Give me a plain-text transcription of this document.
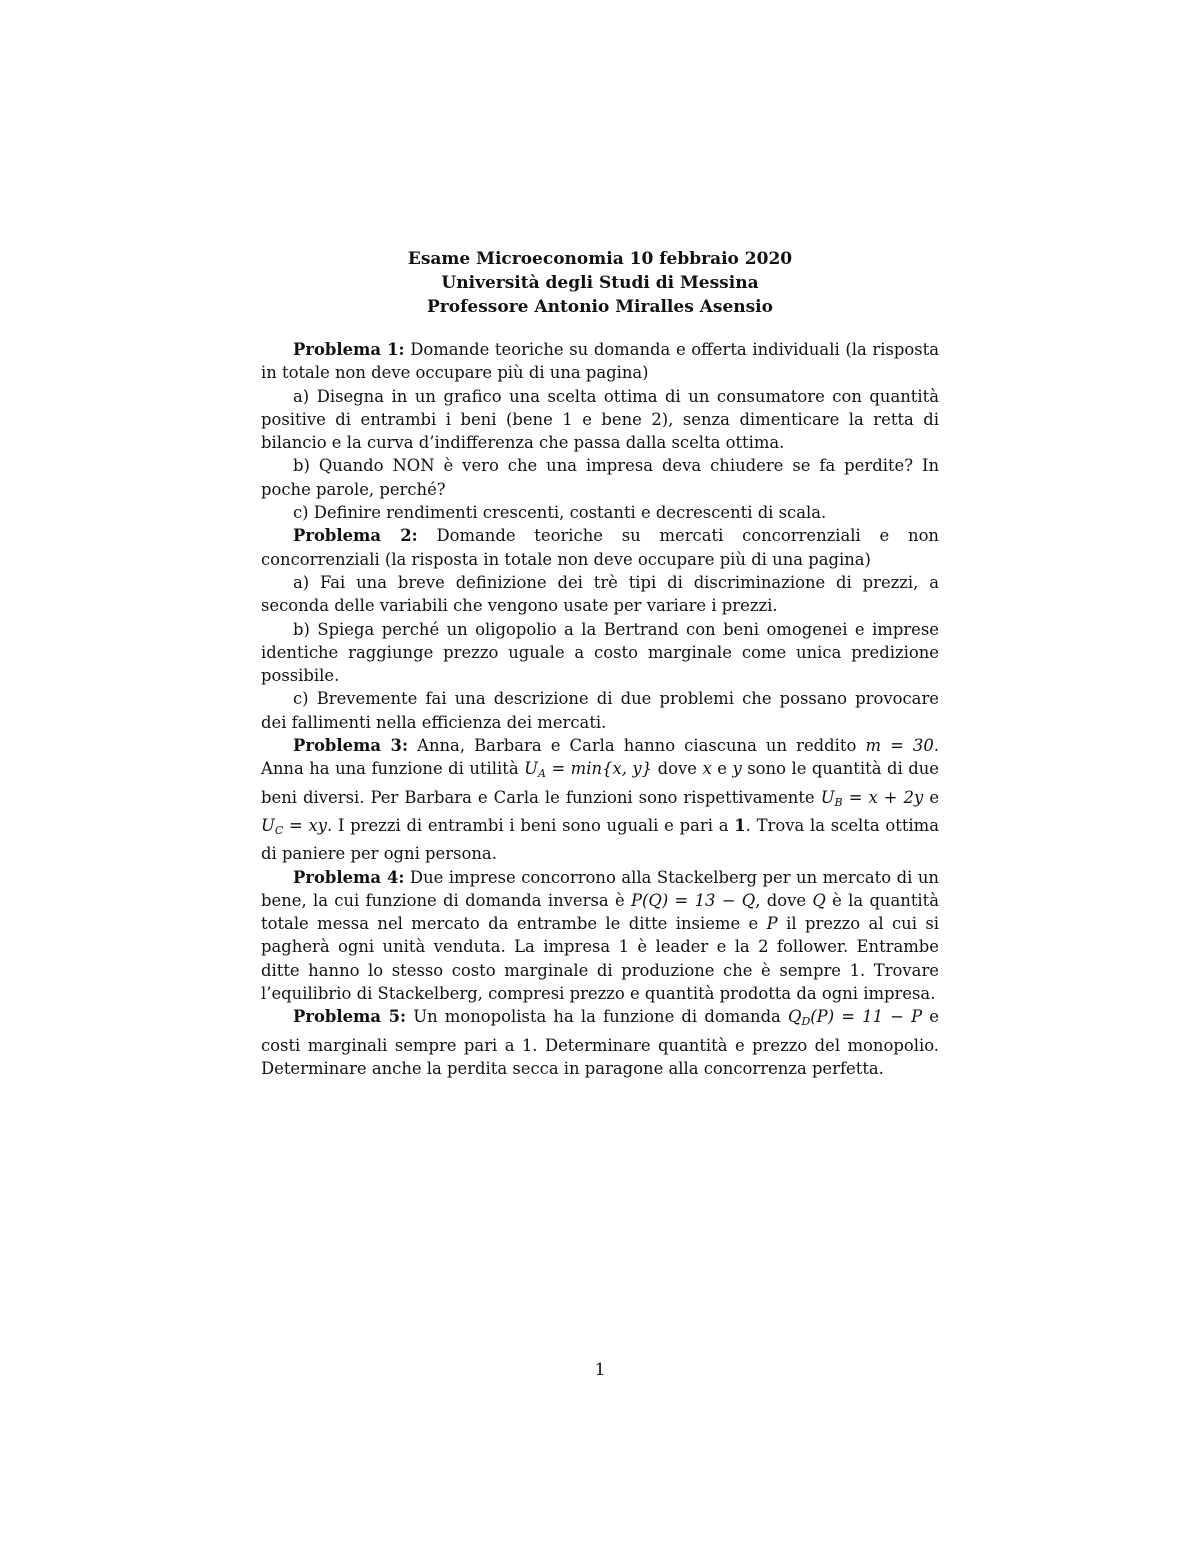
Esame Microeconomia 10 febbraio 2020
Università degli Studi di Messina
Professore Antonio Miralles Asensio

Problema 1: Domande teoriche su domanda e offerta individuali (la risposta in totale non deve occupare più di una pagina)

a) Disegna in un grafico una scelta ottima di un consumatore con quantità positive di entrambi i beni (bene 1 e bene 2), senza dimenticare la retta di bilancio e la curva d’indifferenza che passa dalla scelta ottima.

b) Quando NON è vero che una impresa deva chiudere se fa perdite? In poche parole, perché?

c) Definire rendimenti crescenti, costanti e decrescenti di scala.

Problema 2: Domande teoriche su mercati concorrenziali e non concorrenziali (la risposta in totale non deve occupare più di una pagina)

a) Fai una breve definizione dei trè tipi di discriminazione di prezzi, a seconda delle variabili che vengono usate per variare i prezzi.

b) Spiega perché un oligopolio a la Bertrand con beni omogenei e imprese identiche raggiunge prezzo uguale a costo marginale come unica predizione possibile.

c) Brevemente fai una descrizione di due problemi che possano provocare dei fallimenti nella efficienza dei mercati.

Problema 3: Anna, Barbara e Carla hanno ciascuna un reddito m = 30. Anna ha una funzione di utilità $U_A = \min\{x$, y} dove x e y sono le quantità di due beni diversi. Per Barbara e Carla le funzioni sono rispettivamente $U_B = x + 2y$ e $U_C$ = xy. I prezzi di entrambi i beni sono uguali e pari a 1. Trova la scelta ottima di paniere per ogni persona.

Problema 4: Due imprese concorrono alla Stackelberg per un mercato di un bene, la cui funzione di domanda inversa è P(Q) = 13 − Q, dove Q è la quantità totale messa nel mercato da entrambe le ditte insieme e P il prezzo al cui si pagherà ogni unità venduta. La impresa 1 è leader e la 2 follower. Entrambe ditte hanno lo stesso costo marginale di produzione che è sempre 1. Trovare l’equilibrio di Stackelberg, compresi prezzo e quantità prodotta da ogni impresa.

Problema 5: Un monopolista ha la funzione di domanda $Q_D(P) = 11 - P$ e costi marginali sempre pari a 1. Determinare quantità e prezzo del monopolio. Determinare anche la perdita secca in paragone alla concorrenza perfetta.

1
